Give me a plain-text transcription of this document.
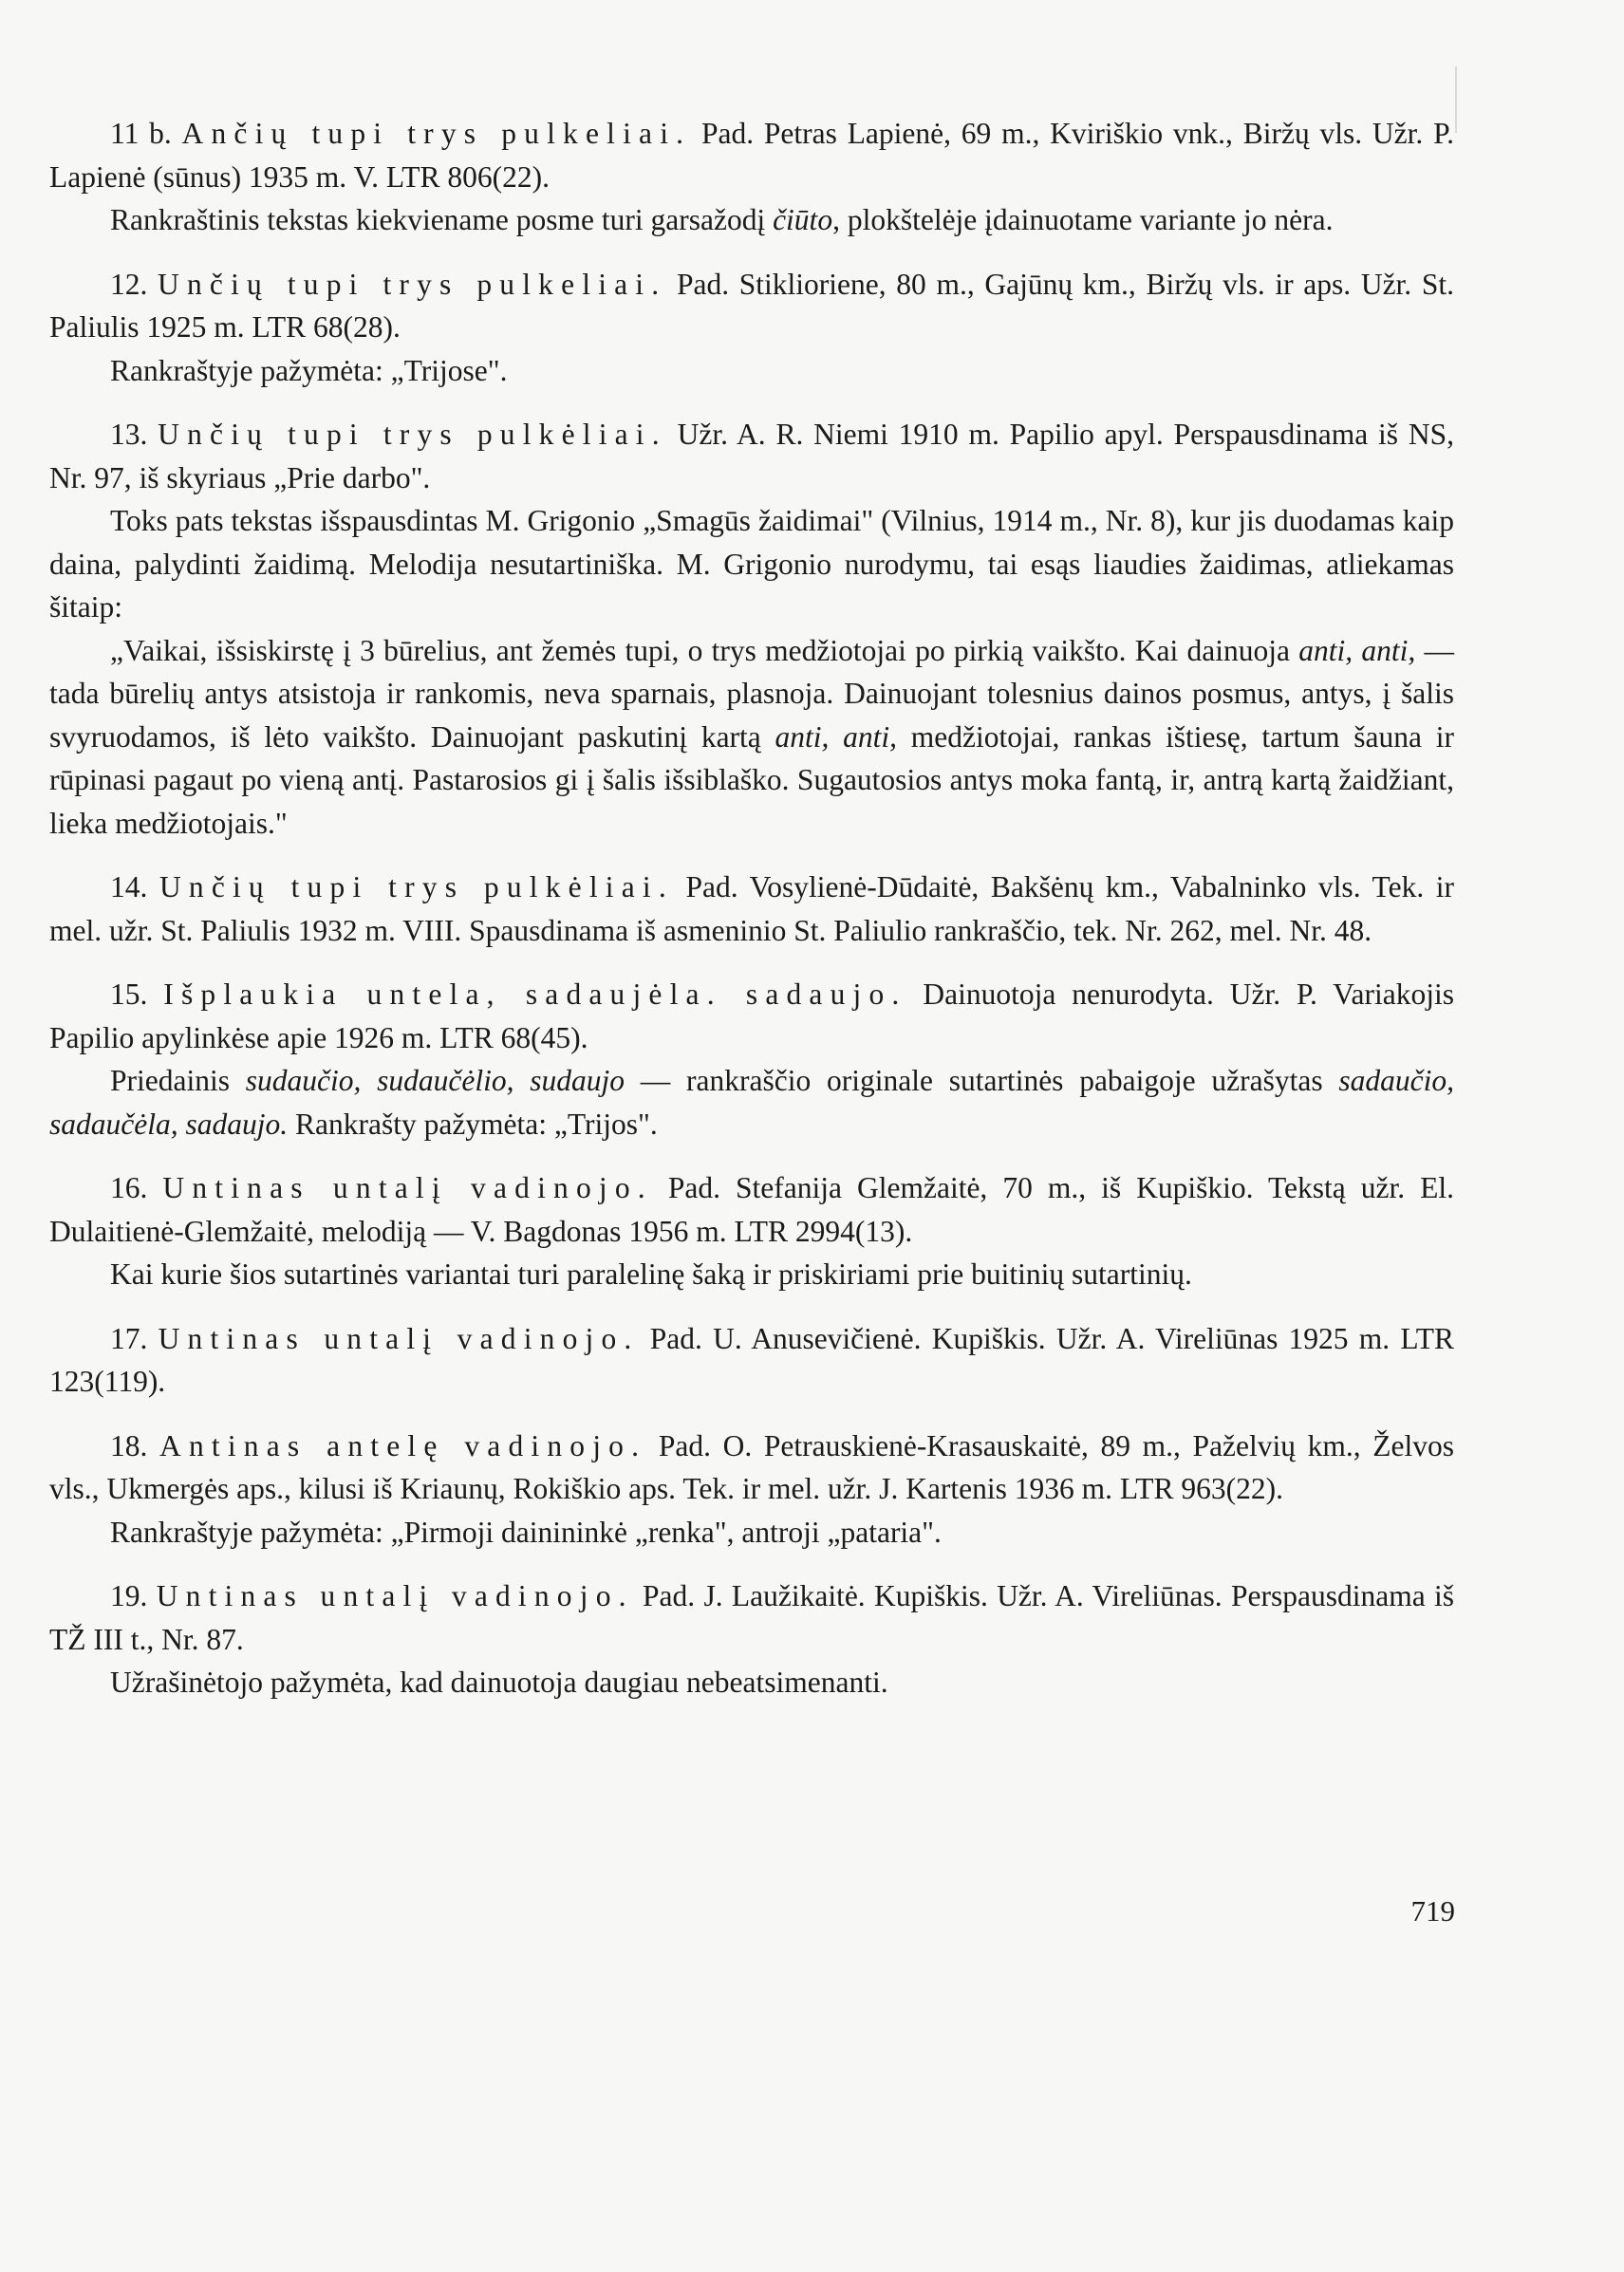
11 b. Ančių tupi trys pulkeliai. Pad. Petras Lapienė, 69 m., Kviriškio vnk., Biržų vls. Užr. P. Lapienė (sūnus) 1935 m. V. LTR 806(22).

Rankraštinis tekstas kiekviename posme turi garsažodį čiūto, plokštelėje įdainuotame variante jo nėra.

12. Unčių tupi trys pulkeliai. Pad. Stiklioriene, 80 m., Gajūnų km., Biržų vls. ir aps. Užr. St. Paliulis 1925 m. LTR 68(28).

Rankraštyje pažymėta: „Trijose".

13. Unčių tupi trys pulkėliai. Užr. A. R. Niemi 1910 m. Papilio apyl. Perspausdinama iš NS, Nr. 97, iš skyriaus „Prie darbo".

Toks pats tekstas išspausdintas M. Grigonio „Smagūs žaidimai" (Vilnius, 1914 m., Nr. 8), kur jis duodamas kaip daina, palydinti žaidimą. Melodija nesutartiniška. M. Grigonio nurodymu, tai esąs liaudies žaidimas, atliekamas šitaip:

„Vaikai, išsiskirstę į 3 būrelius, ant žemės tupi, o trys medžiotojai po pirkią vaikšto. Kai dainuoja anti, anti, — tada būrelių antys atsistoja ir rankomis, neva sparnais, plasnoja. Dainuojant tolesnius dainos posmus, antys, į šalis svyruodamos, iš lėto vaikšto. Dainuojant paskutinį kartą anti, anti, medžiotojai, rankas ištiesę, tartum šauna ir rūpinasi pagaut po vieną antį. Pastarosios gi į šalis išsiblaško. Sugautosios antys moka fantą, ir, antrą kartą žaidžiant, lieka medžiotojais."

14. Unčių tupi trys pulkėliai. Pad. Vosylienė-Dūdaitė, Bakšėnų km., Vabalninko vls. Tek. ir mel. užr. St. Paliulis 1932 m. VIII. Spausdinama iš asmeninio St. Paliulio rankraščio, tek. Nr. 262, mel. Nr. 48.

15. Išplaukia untela, sadaujėla. sadaujo. Dainuotoja nenurodyta. Užr. P. Variakojis Papilio apylinkėse apie 1926 m. LTR 68(45).

Priedainis sudaučio, sudaučėlio, sudaujo — rankraščio originale sutartinės pabaigoje užrašytas sadaučio, sadaučėla, sadaujo. Rankrašty pažymėta: „Trijos".

16. Untinas untalį vadinojo. Pad. Stefanija Glemžaitė, 70 m., iš Kupiškio. Tekstą užr. El. Dulaitienė-Glemžaitė, melodiją — V. Bagdonas 1956 m. LTR 2994(13).

Kai kurie šios sutartinės variantai turi paralelinę šaką ir priskiriami prie buitinių sutartinių.

17. Untinas untalį vadinojo. Pad. U. Anusevičienė. Kupiškis. Užr. A. Vireliūnas 1925 m. LTR 123(119).

18. Antinas antelę vadinojo. Pad. O. Petrauskienė-Krasauskaitė, 89 m., Paželvių km., Želvos vls., Ukmergės aps., kilusi iš Kriaunų, Rokiškio aps. Tek. ir mel. užr. J. Kartenis 1936 m. LTR 963(22).

Rankraštyje pažymėta: „Pirmoji dainininkė „renka", antroji „pataria".

19. Untinas untalį vadinojo. Pad. J. Laužikaitė. Kupiškis. Užr. A. Vireliūnas. Perspausdinama iš TŽ III t., Nr. 87.

Užrašinėtojo pažymėta, kad dainuotoja daugiau nebeatsimenanti.

719
